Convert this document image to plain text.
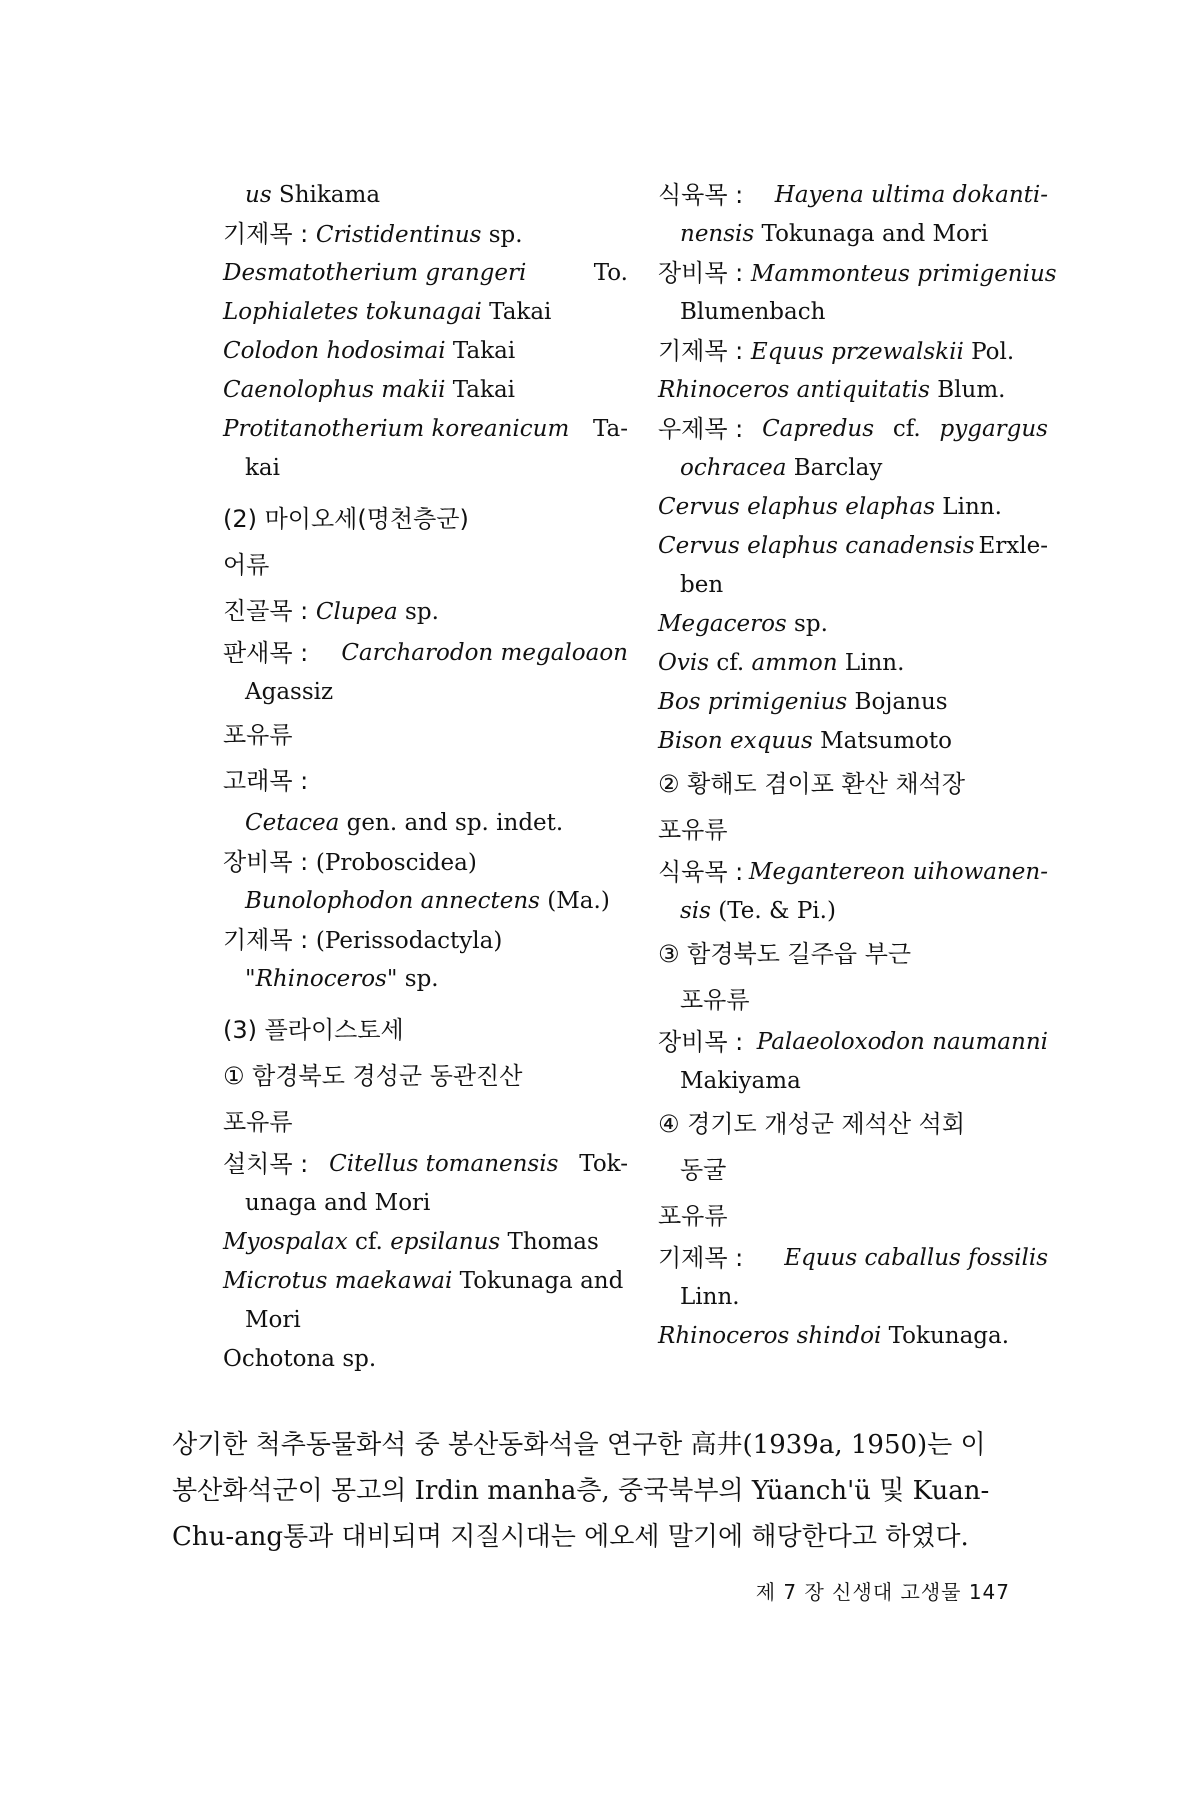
us Shikama
기제목 : Cristidentinus sp.
Desmatotherium grangeri	To.
Lophialetes tokunagai Takai
Colodon hodosimai Takai
Caenolophus makii Takai
Protitanotherium koreanicum Ta-
kai
(2) 마이오세(명천층군)
어류
진골목 : Clupea sp.
판새목 : Carcharodon megaloaon
Agassiz
포유류
고래목 :
Cetacea gen. and sp. indet.
장비목 : (Proboscidea)
Bunolophodon annectens (Ma.)
기제목 : (Perissodactyla)
"Rhinoceros" sp.
(3) 플라이스토세
① 함경북도 경성군 동관진산
포유류
설치목 : Citellus tomanensis Tok-
unaga and Mori
Myospalax cf. epsilanus Thomas
Microtus maekawai Tokunaga and
Mori
Ochotona sp.
식육목 : Hayena ultima dokanti-
nensis Tokunaga and Mori
장비목 : Mammonteus primigenius
Blumenbach
기제목 : Equus przewalskii Pol.
Rhinoceros antiquitatis Blum.
우제목 : Capredus cf. pygargus
ochracea Barclay
Cervus elaphus elaphas Linn.
Cervus elaphus canadensis Erxle-
ben
Megaceros sp.
Ovis cf. ammon Linn.
Bos primigenius Bojanus
Bison exquus Matsumoto
② 황해도 겸이포 환산 채석장
포유류
식육목 : Megantereon uihowanen-
sis (Te. & Pi.)
③ 함경북도 길주읍 부근
포유류
장비목 : Palaeoloxodon naumanni
Makiyama
④ 경기도 개성군 제석산 석회
동굴
포유류
기제목 : Equus caballus fossilis
Linn.
Rhinoceros shindoi Tokunaga.
상기한 척추동물화석 중 봉산동화석을 연구한 高井(1939a, 1950)는 이
봉산화석군이 몽고의 Irdin manha층, 중국북부의 Yüanch'ü 및 Kuan-
Chu-ang통과 대비되며 지질시대는 에오세 말기에 해당한다고 하였다.
제 7 장 신생대 고생물 147
